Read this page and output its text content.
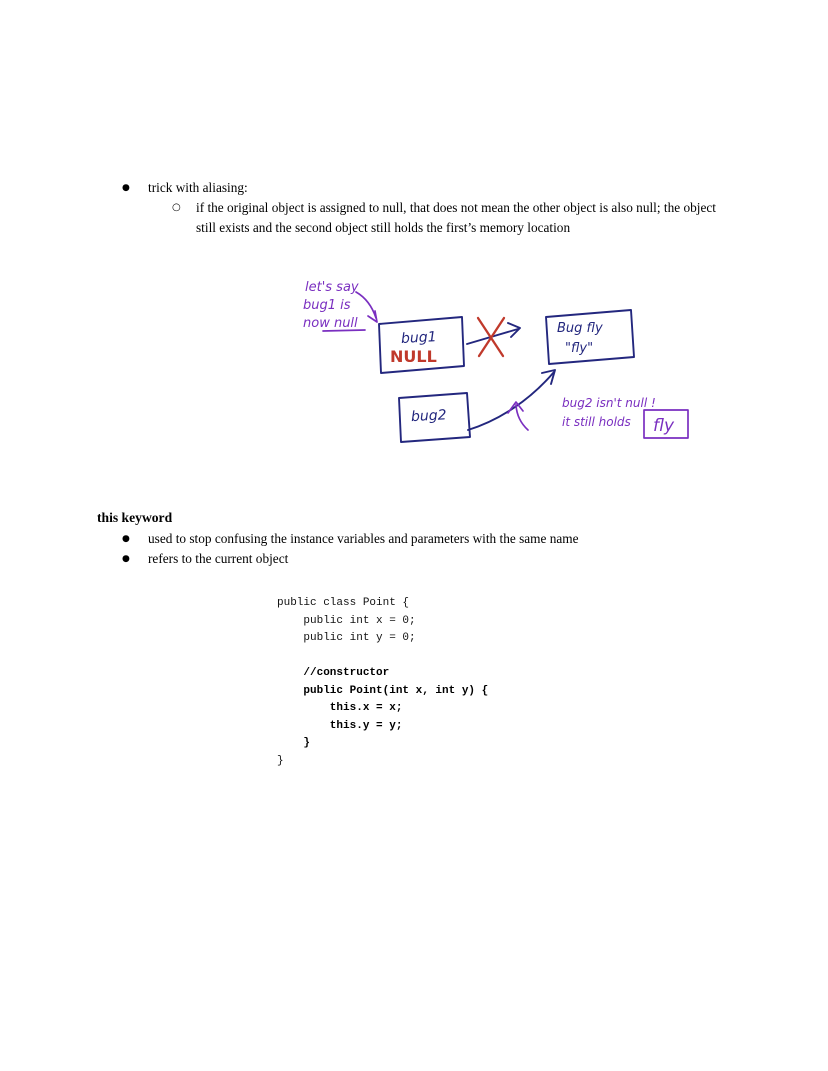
●	trick with aliasing:
○	if the original object is assigned to null, that does not mean the other object is also null; the object still exists and the second object still holds the first’s memory location
let's say
bug1 is
now null
bug1
NULL
Bug fly
"fly"
bug2
bug2 isn't null !
it still holds fly
this keyword
●	used to stop confusing the instance variables and parameters with the same name
●	refers to the current object
public class Point {
public int x = 0;
public int y = 0;
//constructor
public Point(int x, int y) {
this.x = x;
this.y = y;
}
}
